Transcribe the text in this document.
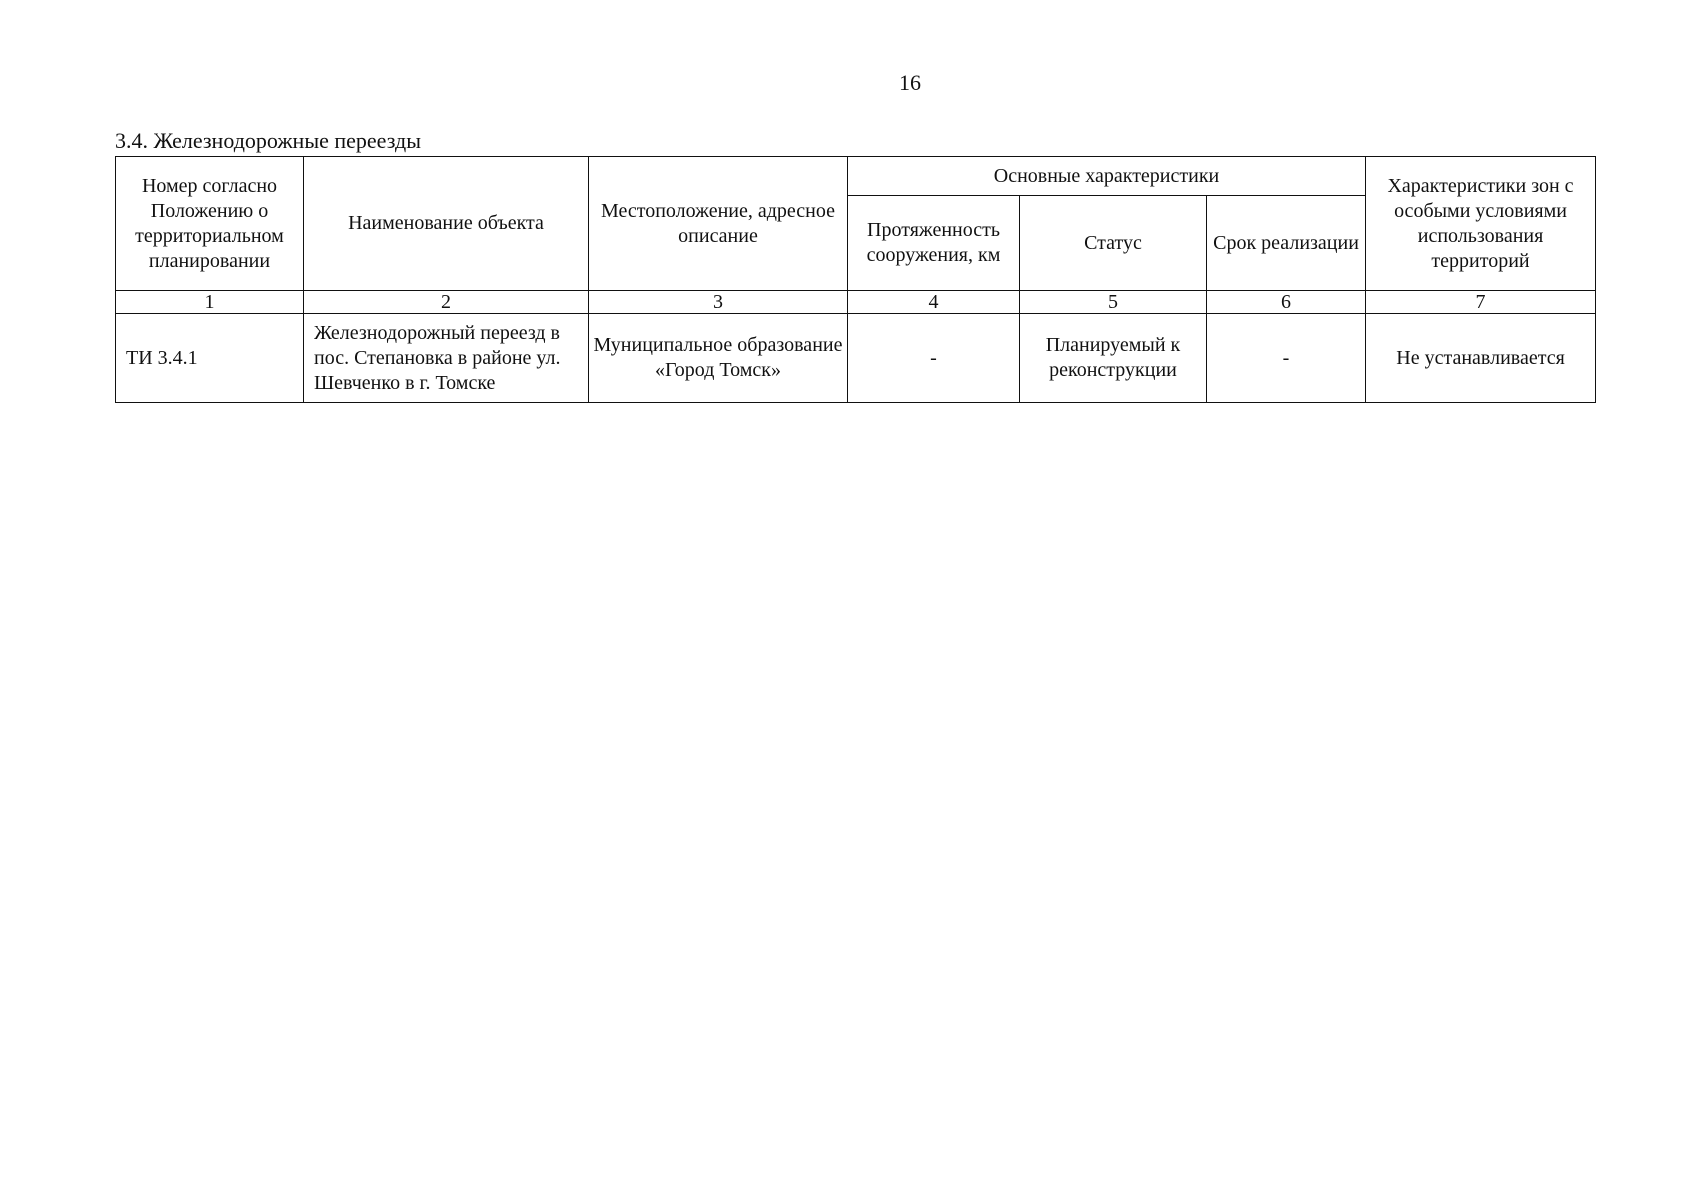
16
3.4. Железнодорожные переезды
Номер согласно Положению о территориальном планировании	Наименование объекта	Местоположение, адресное описание	Основные характеристики			Характеристики зон с особыми условиями использования территорий
			Протяженность сооружения, км	Статус	Срок реализации	
1	2	3	4	5	6	7
ТИ 3.4.1	Железнодорожный переезд в пос. Степановка в районе ул. Шевченко в г. Томске	Муниципальное образование «Город Томск»	-	Планируемый к реконструкции	-	Не устанавливается
